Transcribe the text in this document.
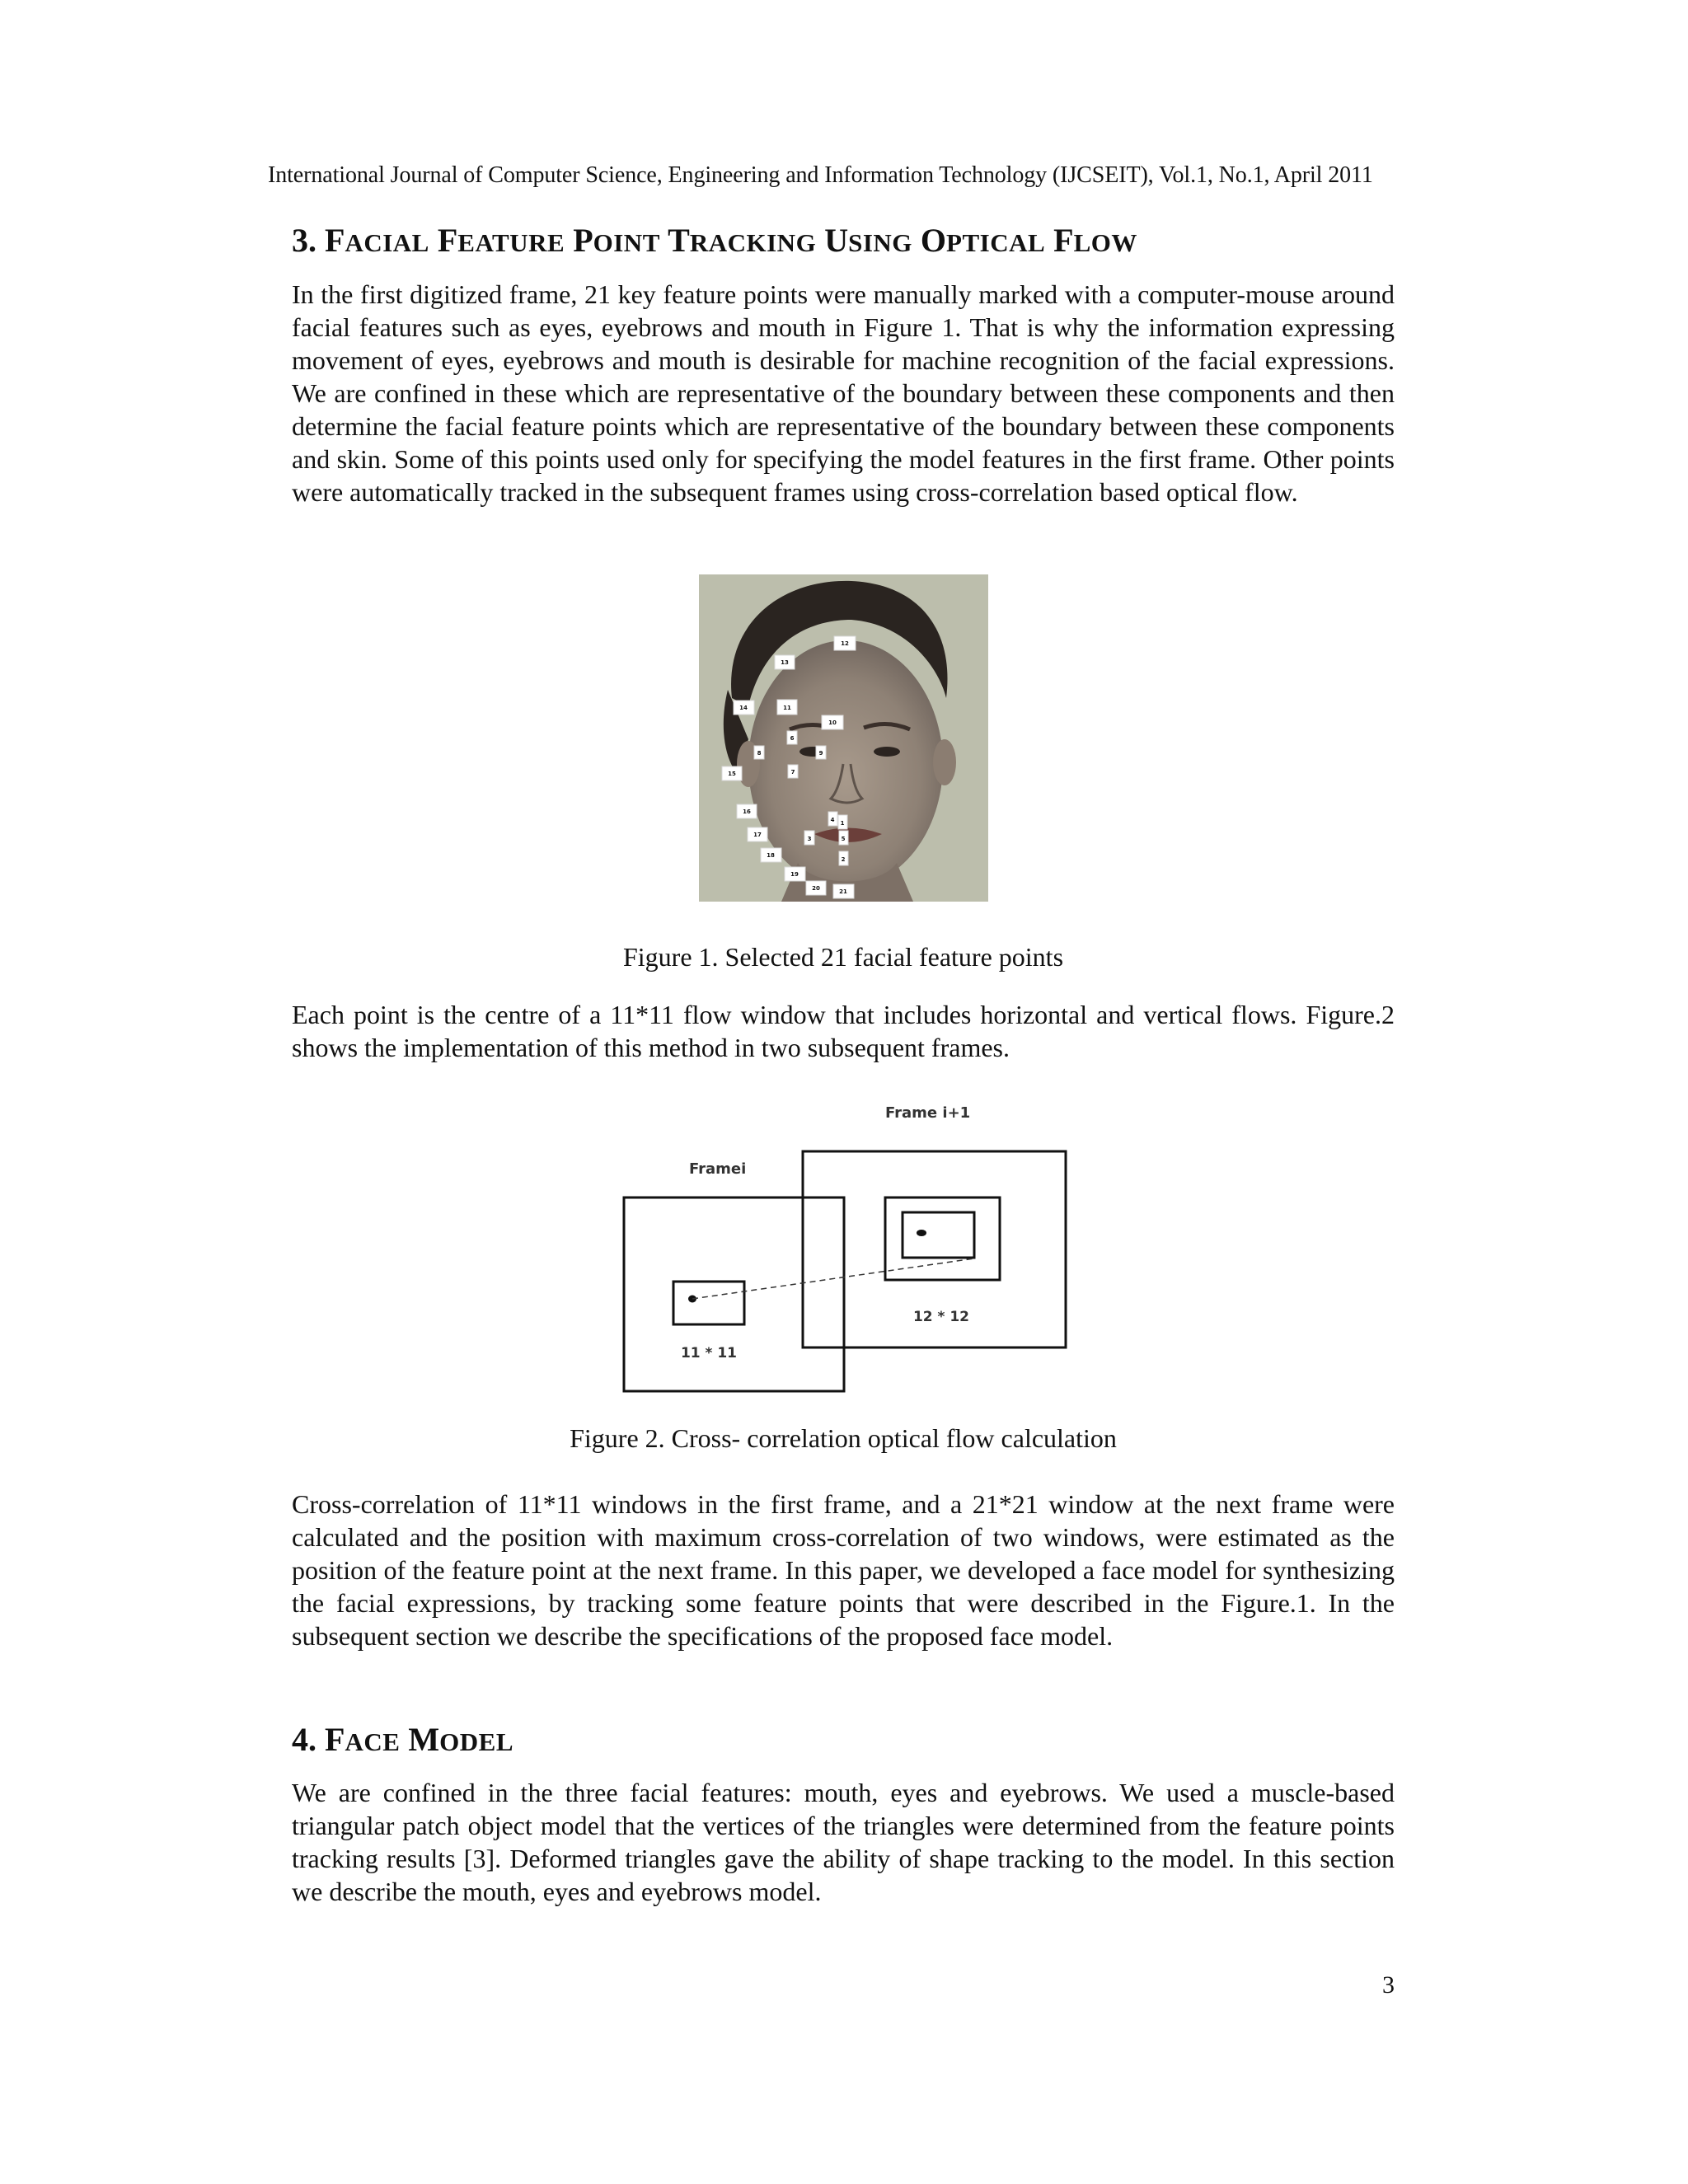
International Journal of Computer Science, Engineering and Information Technology (IJCSEIT), Vol.1, No.1, April 2011
3. FACIAL FEATURE POINT TRACKING USING OPTICAL FLOW

In the first digitized frame, 21 key feature points were manually marked with a computer-mouse around facial features such as eyes, eyebrows and mouth in Figure 1. That is why the information expressing movement of eyes, eyebrows and mouth is desirable for machine recognition of the facial expressions. We are confined in these which are representative of the boundary between these components and then determine the facial feature points which are representative of the boundary between these components and skin. Some of this points used only for specifying the model features in the first frame. Other points were automatically tracked in the subsequent frames using cross-correlation based optical flow.

12
13
14	11
10
6
8	9
15	7
16
4 1
17
3	5
18
2
19
20	21

Figure 1. Selected 21 facial feature points

Each point is the centre of a 11*11 flow window that includes horizontal and vertical flows. Figure.2 shows the implementation of this method in two subsequent frames.

Framei
Frame i+1
11 * 11
12 * 12

Figure 2. Cross- correlation optical flow calculation

Cross-correlation of 11*11 windows in the first frame, and a 21*21 window at the next frame were calculated and the position with maximum cross-correlation of two windows, were estimated as the position of the feature point at the next frame. In this paper, we developed a face model for synthesizing the facial expressions, by tracking some feature points that were described in the Figure.1. In the subsequent section we describe the specifications of the proposed face model.

4. FACE MODEL

We are confined in the three facial features: mouth, eyes and eyebrows. We used a muscle-based triangular patch object model that the vertices of the triangles were determined from the feature points tracking results [3]. Deformed triangles gave the ability of shape tracking to the model. In this section we describe the mouth, eyes and eyebrows model.

3
